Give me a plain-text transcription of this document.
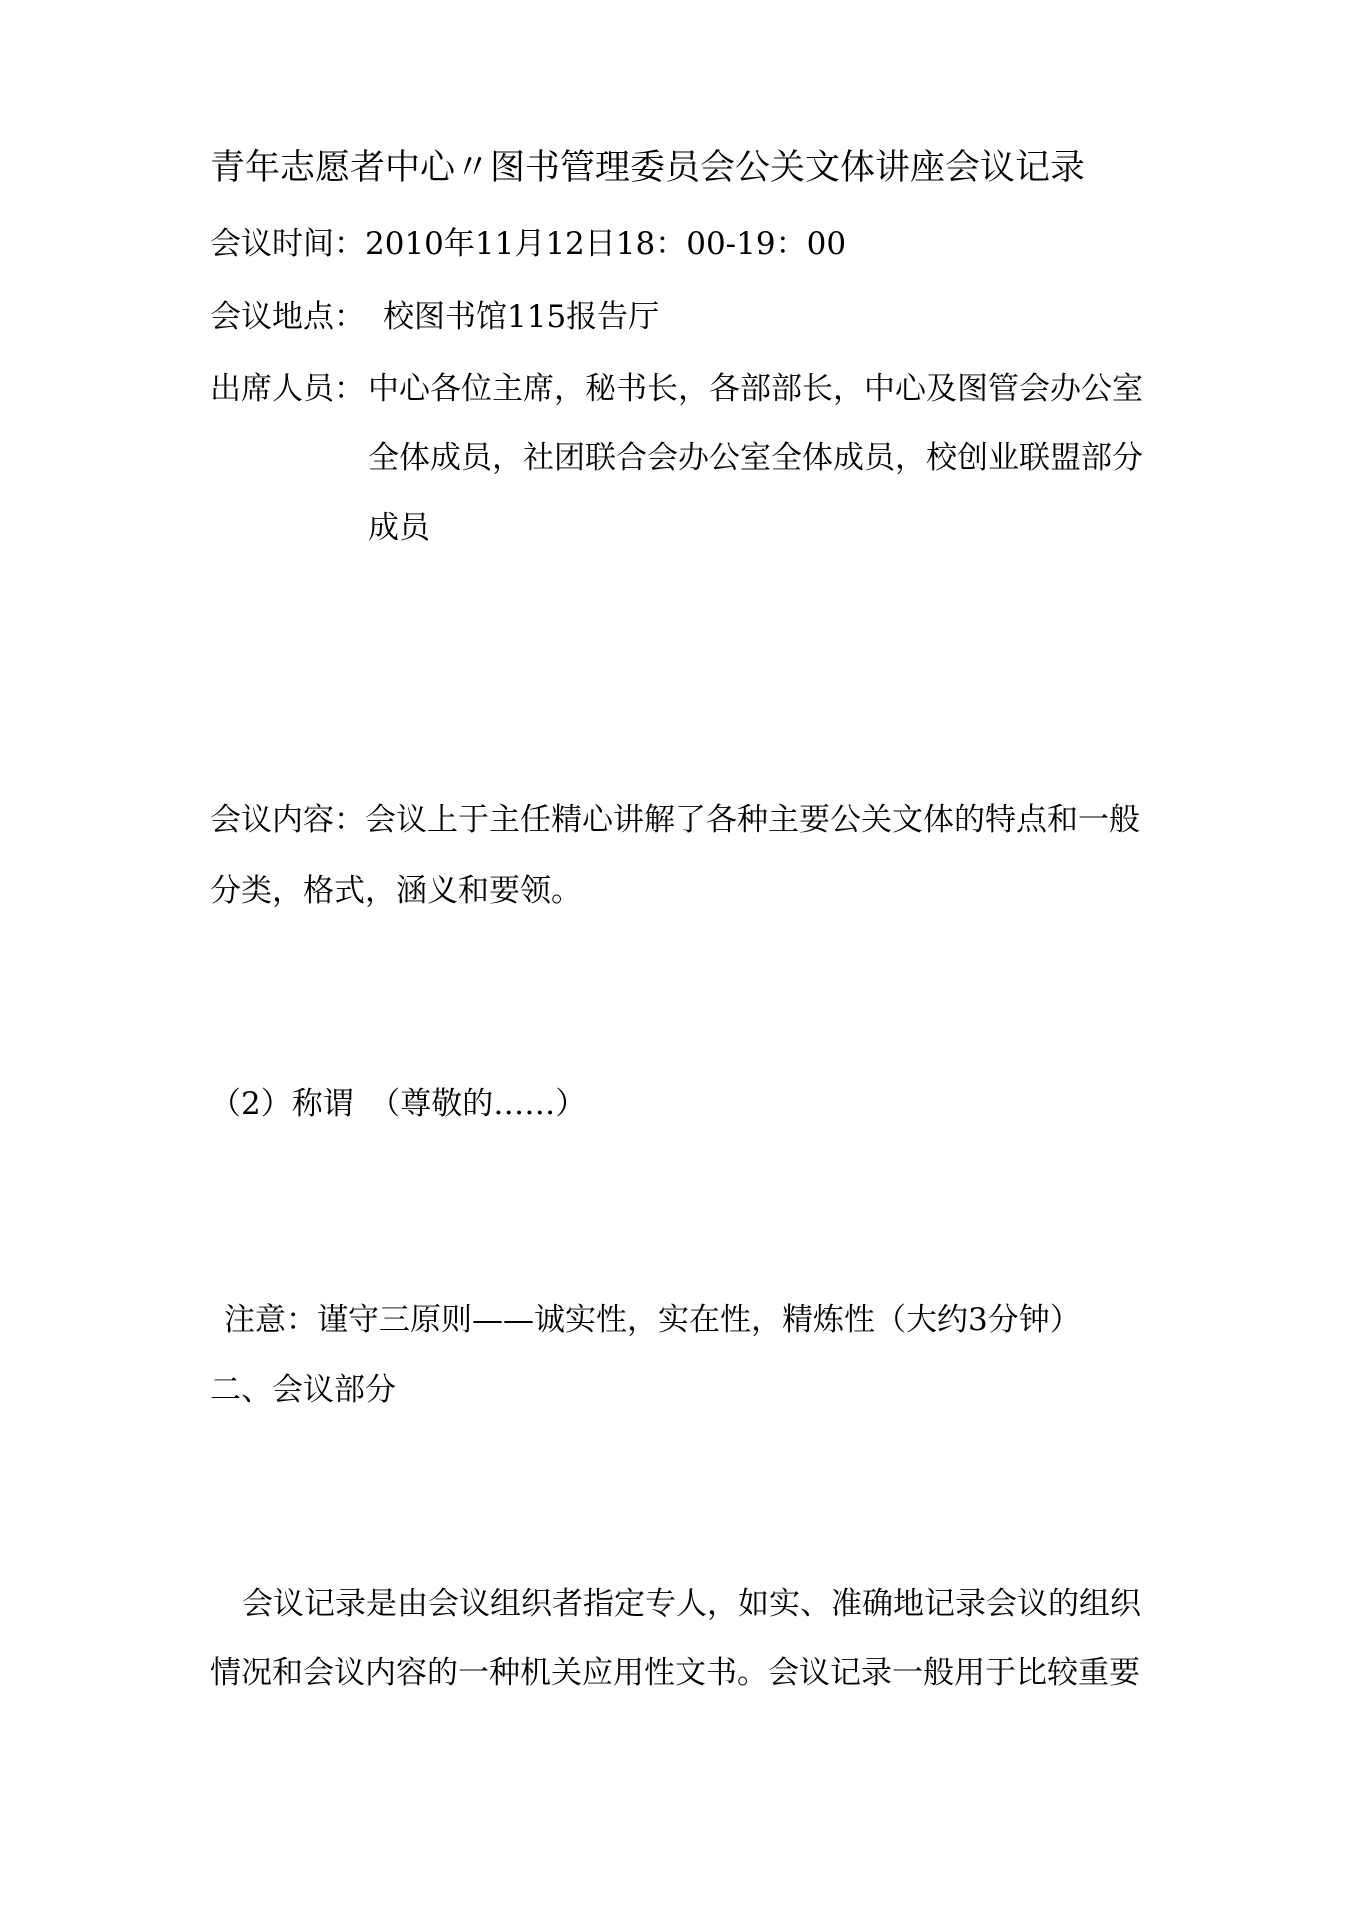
青年志愿者中心〃图书管理委员会公关文体讲座会议记录
会议时间：2010年11月12日18：00-19：00
会议地点： 校图书馆115报告厅
出席人员： 中心各位主席，秘书长，各部部长，中心及图管会办公室
全体成员，社团联合会办公室全体成员，校创业联盟部分
成员
会议内容：会议上于主任精心讲解了各种主要公关文体的特点和一般
分类，格式，涵义和要领。
（2）称谓　（尊敬的……）
注意：谨守三原则——诚实性，实在性，精炼性（大约3分钟）
二、会议部分
会议记录是由会议组织者指定专人，如实、准确地记录会议的组织
情况和会议内容的一种机关应用性文书。会议记录一般用于比较重要
